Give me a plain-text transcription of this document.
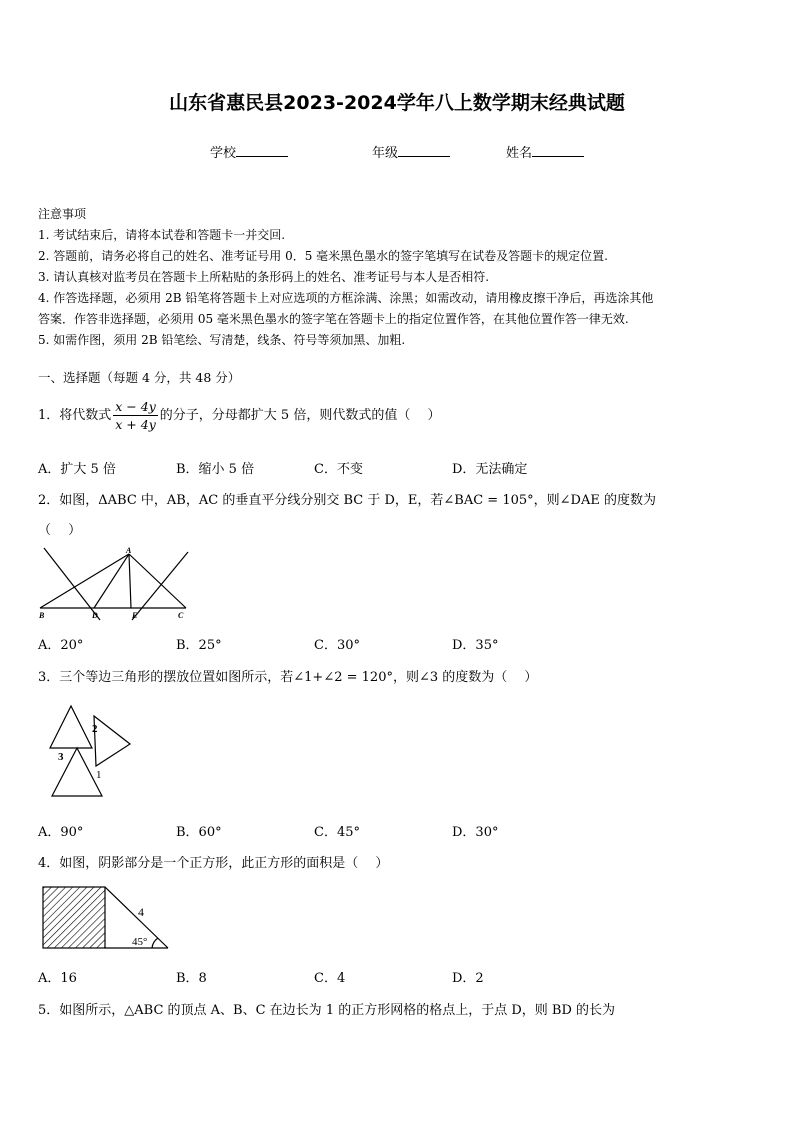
山东省惠民县2023-2024学年八上数学期末经典试题
学校	年级	姓名
注意事项
1. 考试结束后，请将本试卷和答题卡一并交回.
2. 答题前，请务必将自己的姓名、准考证号用 0．5 毫米黑色墨水的签字笔填写在试卷及答题卡的规定位置.
3. 请认真核对监考员在答题卡上所粘贴的条形码上的姓名、准考证号与本人是否相符.
4. 作答选择题，必须用 2B 铅笔将答题卡上对应选项的方框涂满、涂黑；如需改动，请用橡皮擦干净后，再选涂其他
答案．作答非选择题，必须用 05 毫米黑色墨水的签字笔在答题卡上的指定位置作答，在其他位置作答一律无效.
5. 如需作图，须用 2B 铅笔绘、写清楚，线条、符号等须加黑、加粗.
一、选择题（每题 4 分，共 48 分）
1．将代数式 $\frac{x - 4y}{x + 4y}$ 的分子，分母都扩大 5 倍，则代数式的值（　 ）
A．扩大 5 倍	B．缩小 5 倍	C．不变	D．无法确定
2．如图，ΔABC 中，AB，AC 的垂直平分线分别交 BC 于 D，E，若∠BAC = 105°，则∠DAE 的度数为
（　 ）
A
B	D	E	C
A．20°	B．25°	C．30°	D．35°
3．三个等边三角形的摆放位置如图所示，若∠1+∠2 = 120°，则∠3 的度数为（　 ）
2
3
1
A．90°	B．60°	C．45°	D．30°
4．如图，阴影部分是一个正方形，此正方形的面积是（　 ）
4
45°
A．16	B．8	C．4	D．2
5．如图所示，△ABC 的顶点 A、B、C 在边长为 1 的正方形网格的格点上，于点 D，则 BD 的长为
